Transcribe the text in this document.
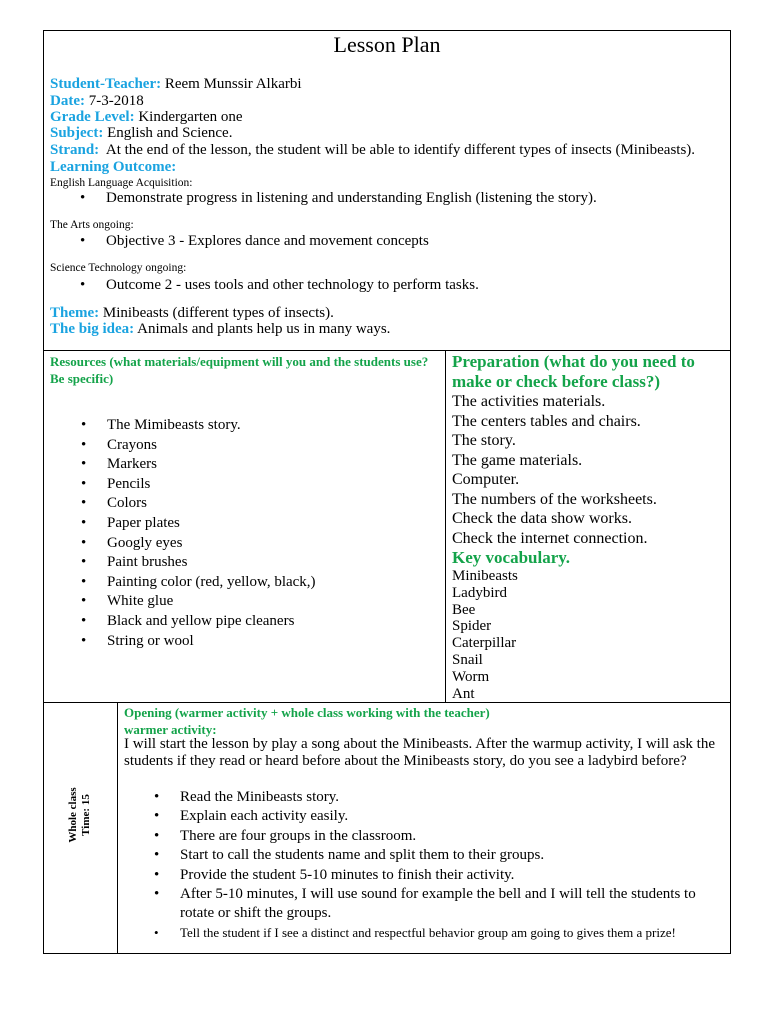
Lesson Plan
Student-Teacher: Reem Munssir Alkarbi
Date: 7-3-2018
Grade Level: Kindergarten one
Subject: English and Science.
Strand:  At the end of the lesson, the student will be able to identify different types of insects (Minibeasts).
Learning Outcome:
English Language Acquisition:
• Demonstrate progress in listening and understanding English (listening the story).
The Arts ongoing:
• Objective 3 - Explores dance and movement concepts
Science Technology ongoing:
• Outcome 2 - uses tools and other technology to perform tasks.
Theme: Minibeasts (different types of insects).
The big idea: Animals and plants help us in many ways.
Resources (what materials/equipment will you and the students use? Be specific)
• The Mimibeasts story.
• Crayons
• Markers
• Pencils
• Colors
• Paper plates
• Googly eyes
• Paint brushes
• Painting color (red, yellow, black,)
• White glue
• Black and yellow pipe cleaners
• String or wool
Preparation (what do you need to make or check before class?)
The activities materials.
The centers tables and chairs.
The story.
The game materials.
Computer.
The numbers of the worksheets.
Check the data show works.
Check the internet connection.
Key vocabulary.
Minibeasts
Ladybird
Bee
Spider
Caterpillar
Snail
Worm
Ant
Whole class Time: 15
Opening (warmer activity + whole class working with the teacher)
warmer activity:
I will start the lesson by play a song about the Minibeasts. After the warmup activity, I will ask the students if they read or heard before about the Minibeasts story, do you see a ladybird before?
• Read the Minibeasts story.
• Explain each activity easily.
• There are four groups in the classroom.
• Start to call the students name and split them to their groups.
• Provide the student 5-10 minutes to finish their activity.
• After 5-10 minutes, I will use sound for example the bell and I will tell the students to rotate or shift the groups.
• Tell the student if I see a distinct and respectful behavior group am going to gives them a prize!
